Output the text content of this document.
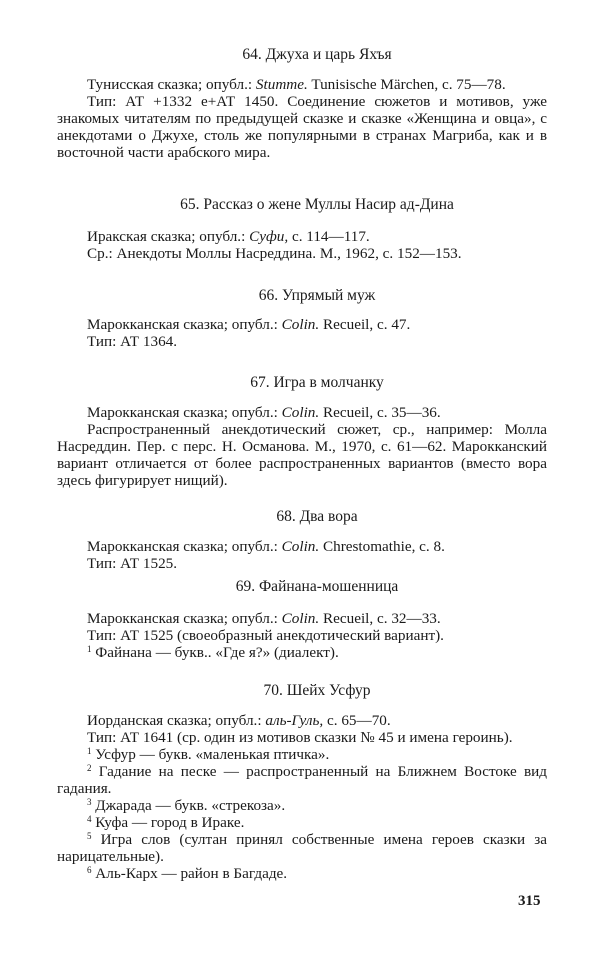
64. Джуха и царь Яхъя

Тунисская сказка; опубл.: Stumme. Tunisische Märchen, с. 75—78.

Тип: АТ +1332 e+АТ 1450. Соединение сюжетов и мотивов, уже знакомых читателям по предыдущей сказке и сказке «Женщина и овца», с анекдотами о Джухе, столь же популярными в странах Магриба, как и в восточной части арабского мира.

65. Рассказ о жене Муллы Насир ад-Дина

Иракская сказка; опубл.: Суфи, с. 114—117.

Ср.: Анекдоты Моллы Насреддина. М., 1962, с. 152—153.

66. Упрямый муж

Марокканская сказка; опубл.: Colin. Recueil, с. 47.

Тип: АТ 1364.

67. Игра в молчанку

Марокканская сказка; опубл.: Colin. Recueil, с. 35—36.

Распространенный анекдотический сюжет, ср., например: Молла Насреддин. Пер. с перс. Н. Османова. М., 1970, с. 61—62. Марокканский вариант отличается от более распространенных вариантов (вместо вора здесь фигурирует нищий).

68. Два вора

Марокканская сказка; опубл.: Colin. Chrestomathie, с. 8.

Тип: АТ 1525.

69. Файнана-мошенница

Марокканская сказка; опубл.: Colin. Recueil, с. 32—33.

Тип: АТ 1525 (своеобразный анекдотический вариант).

$^1$ Файнана — букв.. «Где я?» (диалект).

70. Шейх Усфур

Иорданская сказка; опубл.: аль-Гуль, с. 65—70.

Тип: АТ 1641 (ср. один из мотивов сказки № 45 и имена героинь).

$^1$ Усфур — букв. «маленькая птичка».

$^2$ Гадание на песке — распространенный на Ближнем Востоке вид гадания.

$^3$ Джарада — букв. «стрекоза».

$^4$ Куфа — город в Ираке.

$^5$ Игра слов (султан принял собственные имена героев сказки за нарицательные).

$^6$ Аль-Карх — район в Багдаде.

315
